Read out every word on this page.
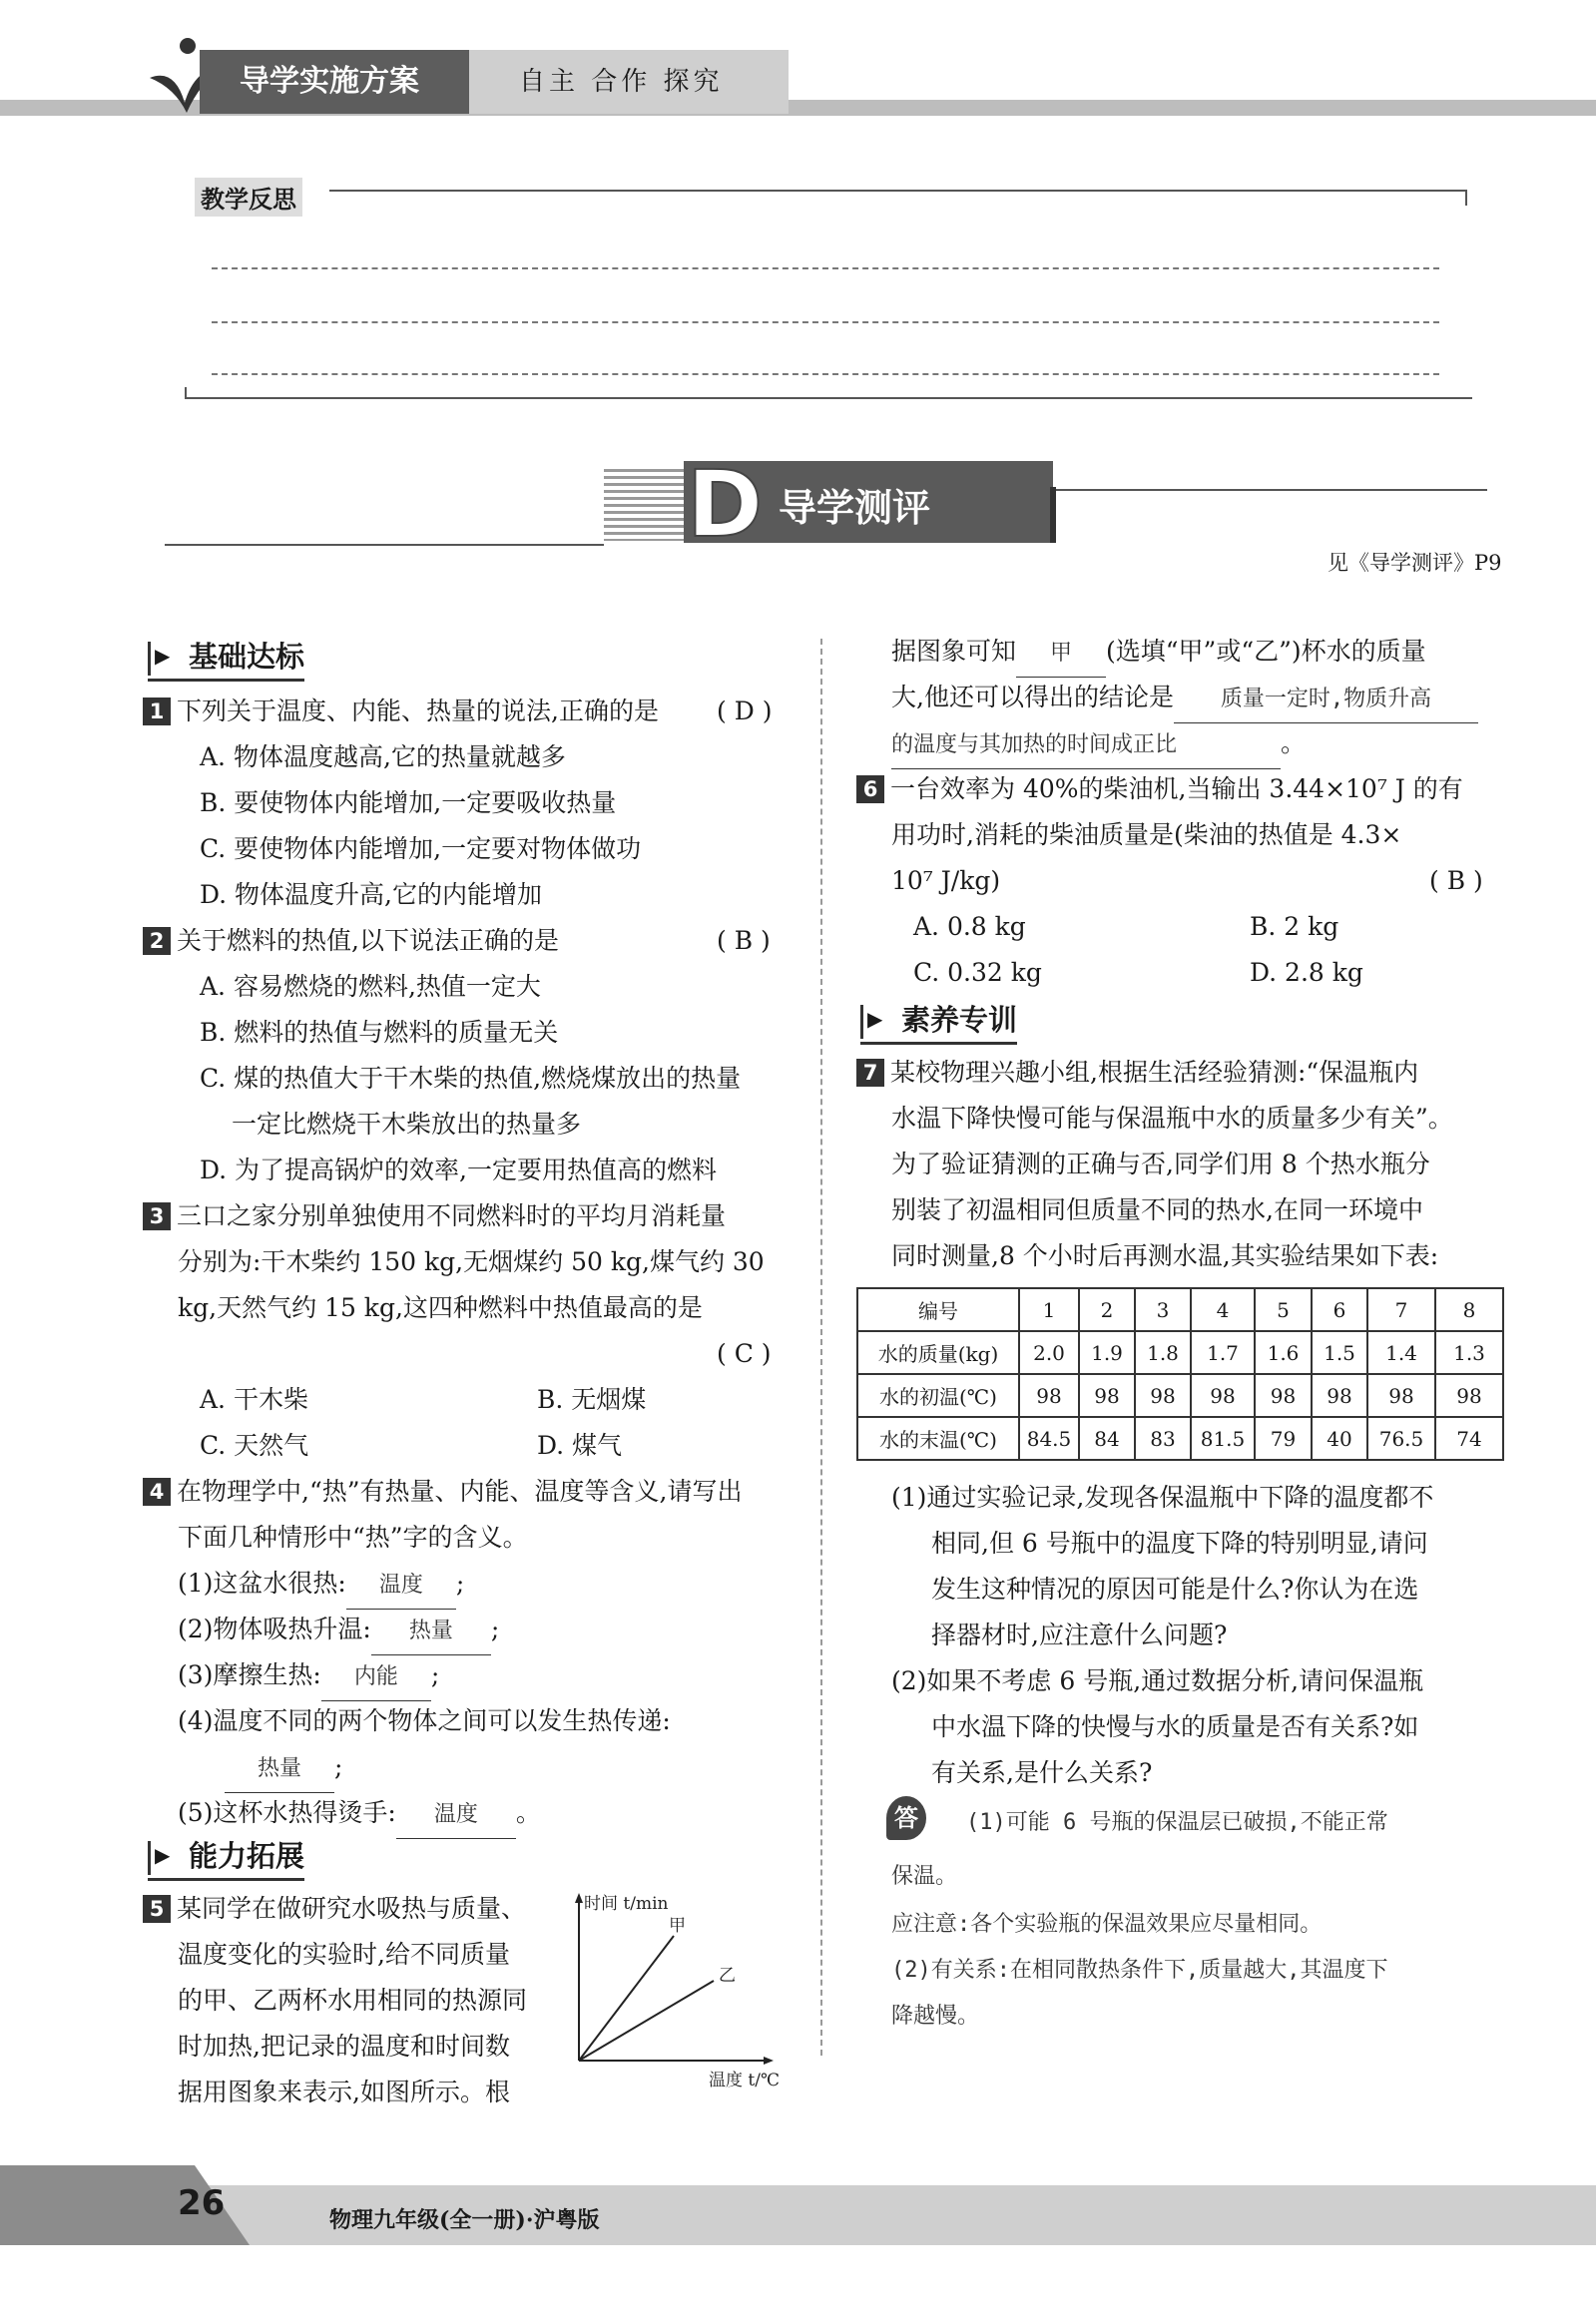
导学实施方案	自主 合作 探究
教学反思
D 导学测评
见《导学测评》P9
▶基础达标
1 下列关于温度、内能、热量的说法,正确的是 ( D )
A. 物体温度越高,它的热量就越多
B. 要使物体内能增加,一定要吸收热量
C. 要使物体内能增加,一定要对物体做功
D. 物体温度升高,它的内能增加
2 关于燃料的热值,以下说法正确的是	( B )
A. 容易燃烧的燃料,热值一定大
B. 燃料的热值与燃料的质量无关
C. 煤的热值大于干木柴的热值,燃烧煤放出的热量
一定比燃烧干木柴放出的热量多
D. 为了提高锅炉的效率,一定要用热值高的燃料
3 三口之家分别单独使用不同燃料时的平均月消耗量
分别为:干木柴约 150 kg,无烟煤约 50 kg,煤气约 30
kg,天然气约 15 kg,这四种燃料中热值最高的是
( C )
A. 干木柴	B. 无烟煤
C. 天然气	D. 煤气
4 在物理学中,“热”有热量、内能、温度等含义,请写出
下面几种情形中“热”字的含义。
(1)这盆水很热: 温度 ;
(2)物体吸热升温: 热量 ;
(3)摩擦生热: 内能 ;
(4)温度不同的两个物体之间可以发生热传递:
热量 ;
(5)这杯水热得烫手: 温度 。
▶能力拓展
5 某同学在做研究水吸热与质量、
温度变化的实验时,给不同质量
的甲、乙两杯水用相同的热源同
时加热,把记录的温度和时间数
据用图象来表示,如图所示。根
甲
乙
时间 t/min
温度 t/℃
据图象可知 甲 (选填“甲”或“乙”)杯水的质量
大,他还可以得出的结论是 质量一定时,物质升高
的温度与其加热的时间成正比	。
6 一台效率为 40%的柴油机,当输出 3.44×10⁷ J 的有
用功时,消耗的柴油质量是(柴油的热值是 4.3×
10⁷ J/kg)	( B )
A. 0.8 kg	B. 2 kg
C. 0.32 kg	D. 2.8 kg
▶素养专训
7 某校物理兴趣小组,根据生活经验猜测:“保温瓶内
水温下降快慢可能与保温瓶中水的质量多少有关”。
为了验证猜测的正确与否,同学们用 8 个热水瓶分
别装了初温相同但质量不同的热水,在同一环境中
同时测量,8 个小时后再测水温,其实验结果如下表:
编号	1	2	3	4	5	6	7	8
水的质量(kg)	2.0	1.9	1.8	1.7	1.6	1.5	1.4	1.3
水的初温(℃)	98	98	98	98	98	98	98	98
水的末温(℃)	84.5	84	83	81.5	79	40	76.5	74
(1)通过实验记录,发现各保温瓶中下降的温度都不
相同,但 6 号瓶中的温度下降的特别明显,请问
发生这种情况的原因可能是什么?你认为在选
择器材时,应注意什么问题?
(2)如果不考虑 6 号瓶,通过数据分析,请问保温瓶
中水温下降的快慢与水的质量是否有关系?如
有关系,是什么关系?
答	(1)可能 6 号瓶的保温层已破损,不能正常
保温。
应注意:各个实验瓶的保温效果应尽量相同。
(2)有关系:在相同散热条件下,质量越大,其温度下
降越慢。
26	物理九年级(全一册)·沪粤版
